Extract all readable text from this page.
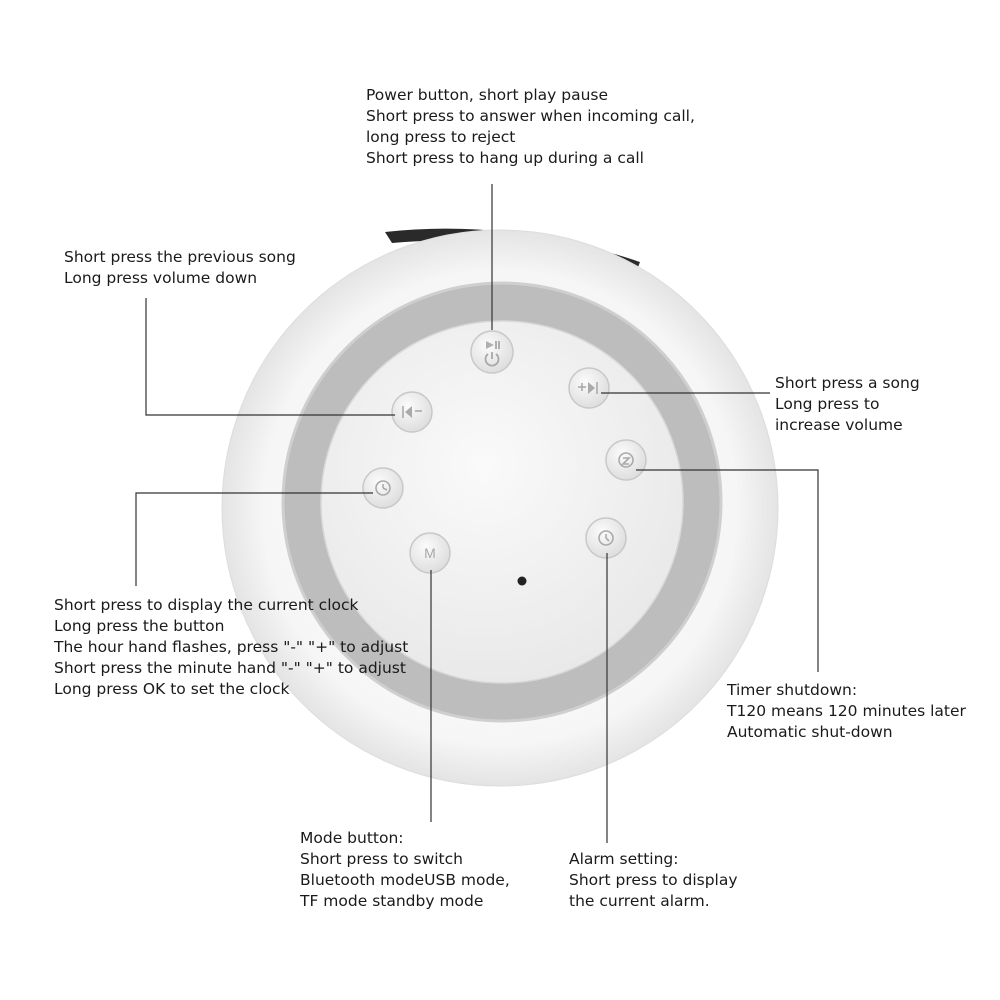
M
Power button, short play pause
Short press to answer when incoming call,
long press to reject
Short press to hang up during a call
Short press the previous song
Long press volume down
Short press a song
Long press to
increase volume
Short press to display the current clock
Long press the button
The hour hand flashes, press "-" "+" to adjust
Short press the minute hand "-" "+" to adjust
Long press OK to set the clock	Timer shutdown:
T120 means 120 minutes later
Automatic shut-down
Mode button:
Short press to switch
Bluetooth modeUSB mode,
TF mode standby mode
Alarm setting:
Short press to display
the current alarm.
